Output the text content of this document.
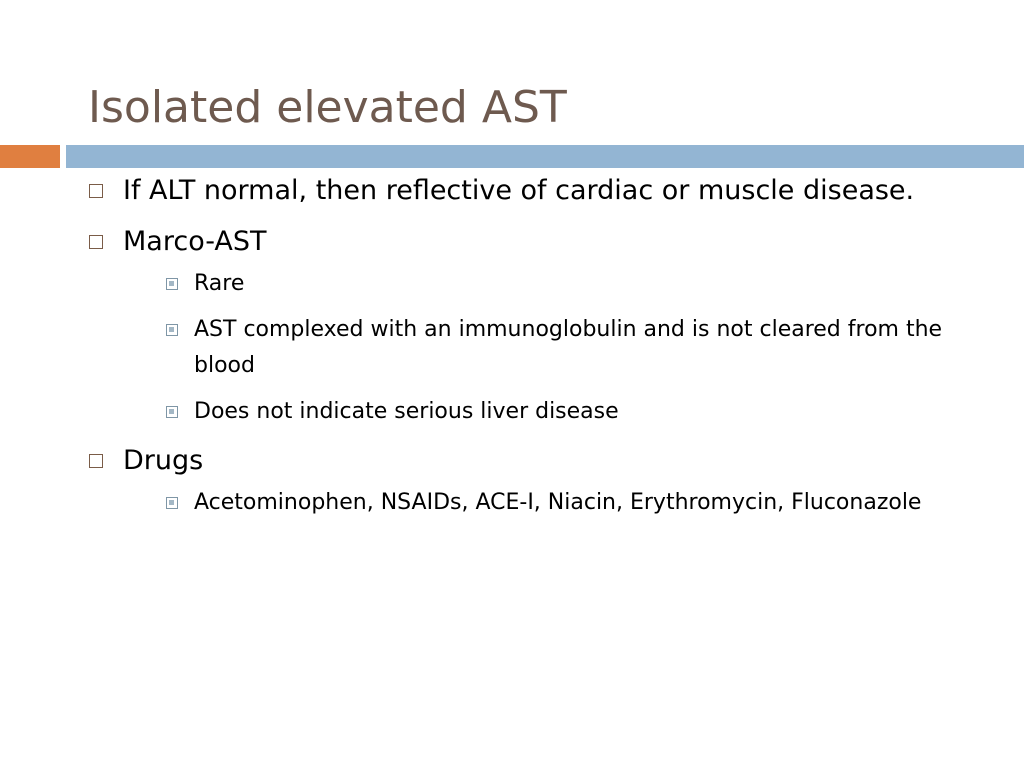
Isolated elevated AST
If ALT normal, then reflective of cardiac or muscle disease.
Marco-AST
Rare
AST complexed with an immunoglobulin and is not cleared from the blood
Does not indicate serious liver disease
Drugs
Acetominophen, NSAIDs, ACE-I, Niacin, Erythromycin, Fluconazole
